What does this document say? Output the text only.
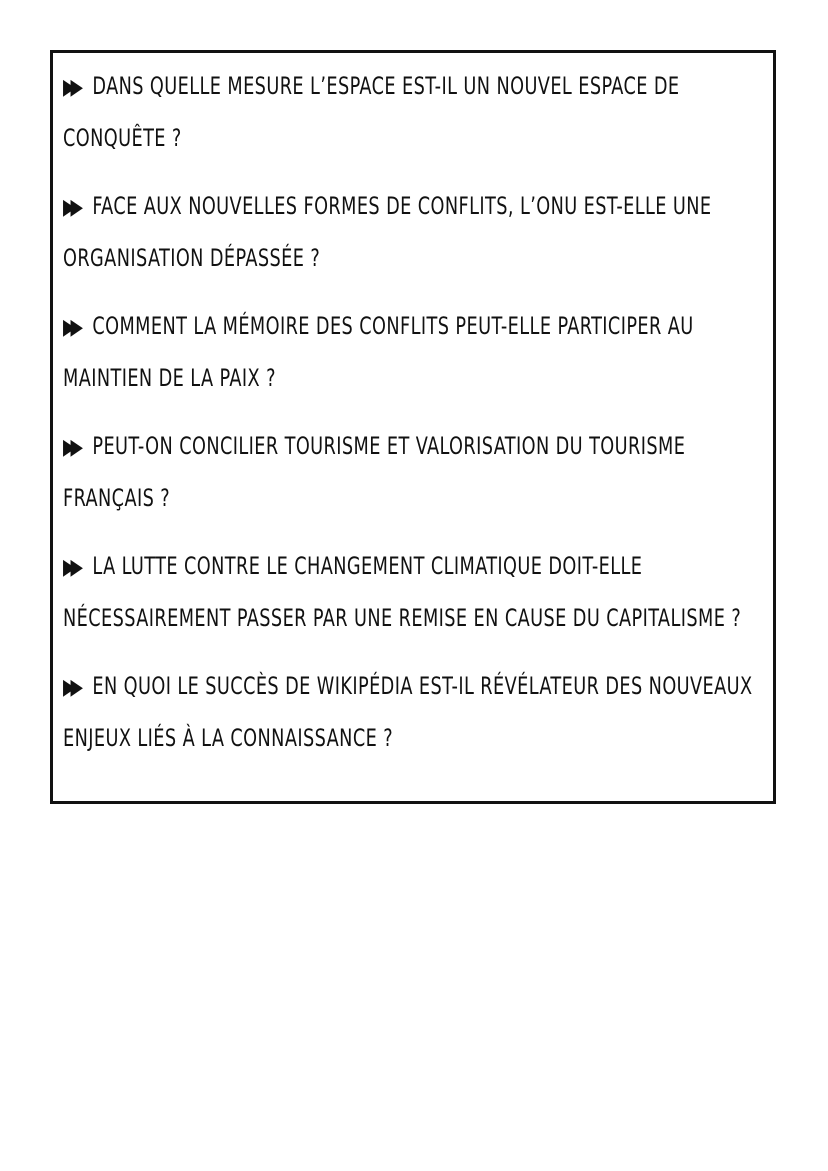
▶▶ DANS QUELLE MESURE L’ESPACE EST-IL UN NOUVEL ESPACE DE CONQUÊTE ?

▶▶ FACE AUX NOUVELLES FORMES DE CONFLITS, L’ONU EST-ELLE UNE ORGANISATION DÉPASSÉE ?

▶▶ COMMENT LA MÉMOIRE DES CONFLITS PEUT-ELLE PARTICIPER AU MAINTIEN DE LA PAIX ?

▶▶ PEUT-ON CONCILIER TOURISME ET VALORISATION DU TOURISME FRANÇAIS ?

▶▶ LA LUTTE CONTRE LE CHANGEMENT CLIMATIQUE DOIT-ELLE NÉCESSAIREMENT PASSER PAR UNE REMISE EN CAUSE DU CAPITALISME ?

▶▶ EN QUOI LE SUCCÈS DE WIKIPÉDIA EST-IL RÉVÉLATEUR DES NOUVEAUX ENJEUX LIÉS À LA CONNAISSANCE ?
